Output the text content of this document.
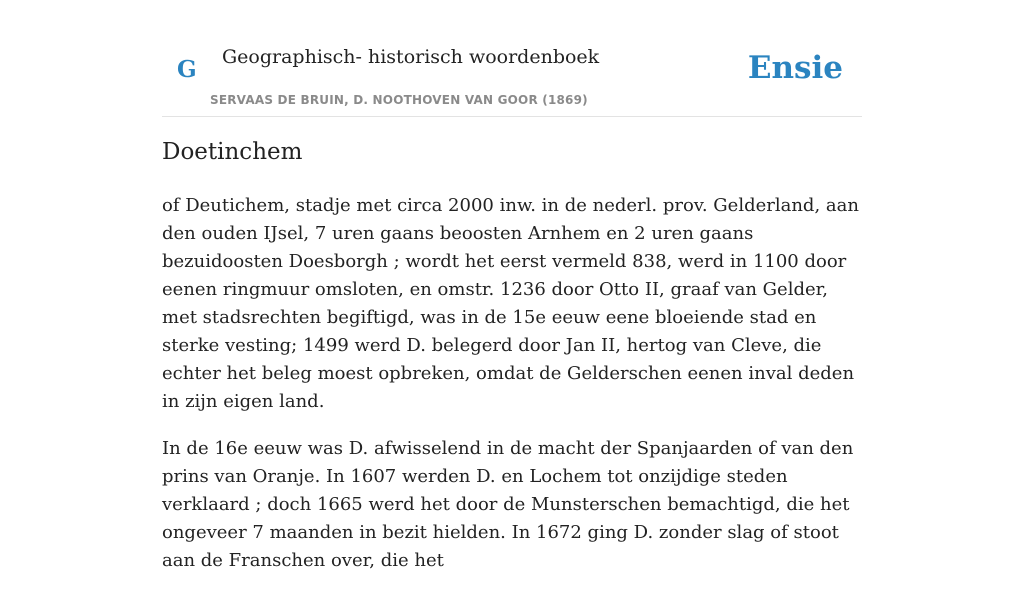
G Geographisch- historisch woordenboek
SERVAAS DE BRUIN, D. NOOTHOVEN VAN GOOR (1869)
Ensie
Doetinchem

of Deutichem, stadje met circa 2000 inw. in de nederl. prov. Gelderland, aan den ouden IJsel, 7 uren gaans beoosten Arnhem en 2 uren gaans bezuidoosten Doesborgh ; wordt het eerst vermeld 838, werd in 1100 door eenen ringmuur omsloten, en omstr. 1236 door Otto II, graaf van Gelder, met stadsrechten begiftigd, was in de 15e eeuw eene bloeiende stad en sterke vesting; 1499 werd D. belegerd door Jan II, hertog van Cleve, die echter het beleg moest opbreken, omdat de Gelderschen eenen inval deden in zijn eigen land.

In de 16e eeuw was D. afwisselend in de macht der Spanjaarden of van den prins van Oranje. In 1607 werden D. en Lochem tot onzijdige steden verklaard ; doch 1665 werd het door de Munsterschen bemachtigd, die het ongeveer 7 maanden in bezit hielden. In 1672 ging D. zonder slag of stoot aan de Franschen over, die het
